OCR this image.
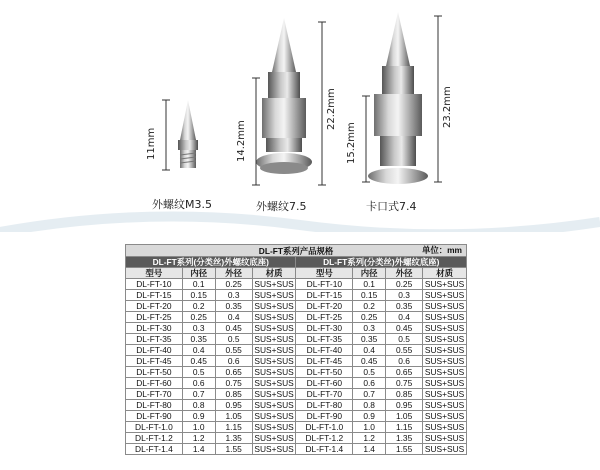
11mm	14.2mm
22.2mm
15.2mm
23.2mm
外螺纹M3.5	外螺纹7.5	卡口式7.4
DL-FT系列产品规格 单位：mm							

DL-FT系列(分类丝)外螺纹底座)				DL-FT系列(分类丝)外螺纹底座)			
型号	内径	外径	材质	型号	内径	外径	材质
DL-FT-10	0.1	0.25	SUS+SUS	DL-FT-10	0.1	0.25	SUS+SUS
DL-FT-15	0.15	0.3	SUS+SUS	DL-FT-15	0.15	0.3	SUS+SUS
DL-FT-20	0.2	0.35	SUS+SUS	DL-FT-20	0.2	0.35	SUS+SUS
DL-FT-25	0.25	0.4	SUS+SUS	DL-FT-25	0.25	0.4	SUS+SUS
DL-FT-30	0.3	0.45	SUS+SUS	DL-FT-30	0.3	0.45	SUS+SUS
DL-FT-35	0.35	0.5	SUS+SUS	DL-FT-35	0.35	0.5	SUS+SUS
DL-FT-40	0.4	0.55	SUS+SUS	DL-FT-40	0.4	0.55	SUS+SUS
DL-FT-45	0.45	0.6	SUS+SUS	DL-FT-45	0.45	0.6	SUS+SUS
DL-FT-50	0.5	0.65	SUS+SUS	DL-FT-50	0.5	0.65	SUS+SUS
DL-FT-60	0.6	0.75	SUS+SUS	DL-FT-60	0.6	0.75	SUS+SUS
DL-FT-70	0.7	0.85	SUS+SUS	DL-FT-70	0.7	0.85	SUS+SUS
DL-FT-80	0.8	0.95	SUS+SUS	DL-FT-80	0.8	0.95	SUS+SUS
DL-FT-90	0.9	1.05	SUS+SUS	DL-FT-90	0.9	1.05	SUS+SUS
DL-FT-1.0	1.0	1.15	SUS+SUS	DL-FT-1.0	1.0	1.15	SUS+SUS
DL-FT-1.2	1.2	1.35	SUS+SUS	DL-FT-1.2	1.2	1.35	SUS+SUS
DL-FT-1.4	1.4	1.55	SUS+SUS	DL-FT-1.4	1.4	1.55	SUS+SUS
